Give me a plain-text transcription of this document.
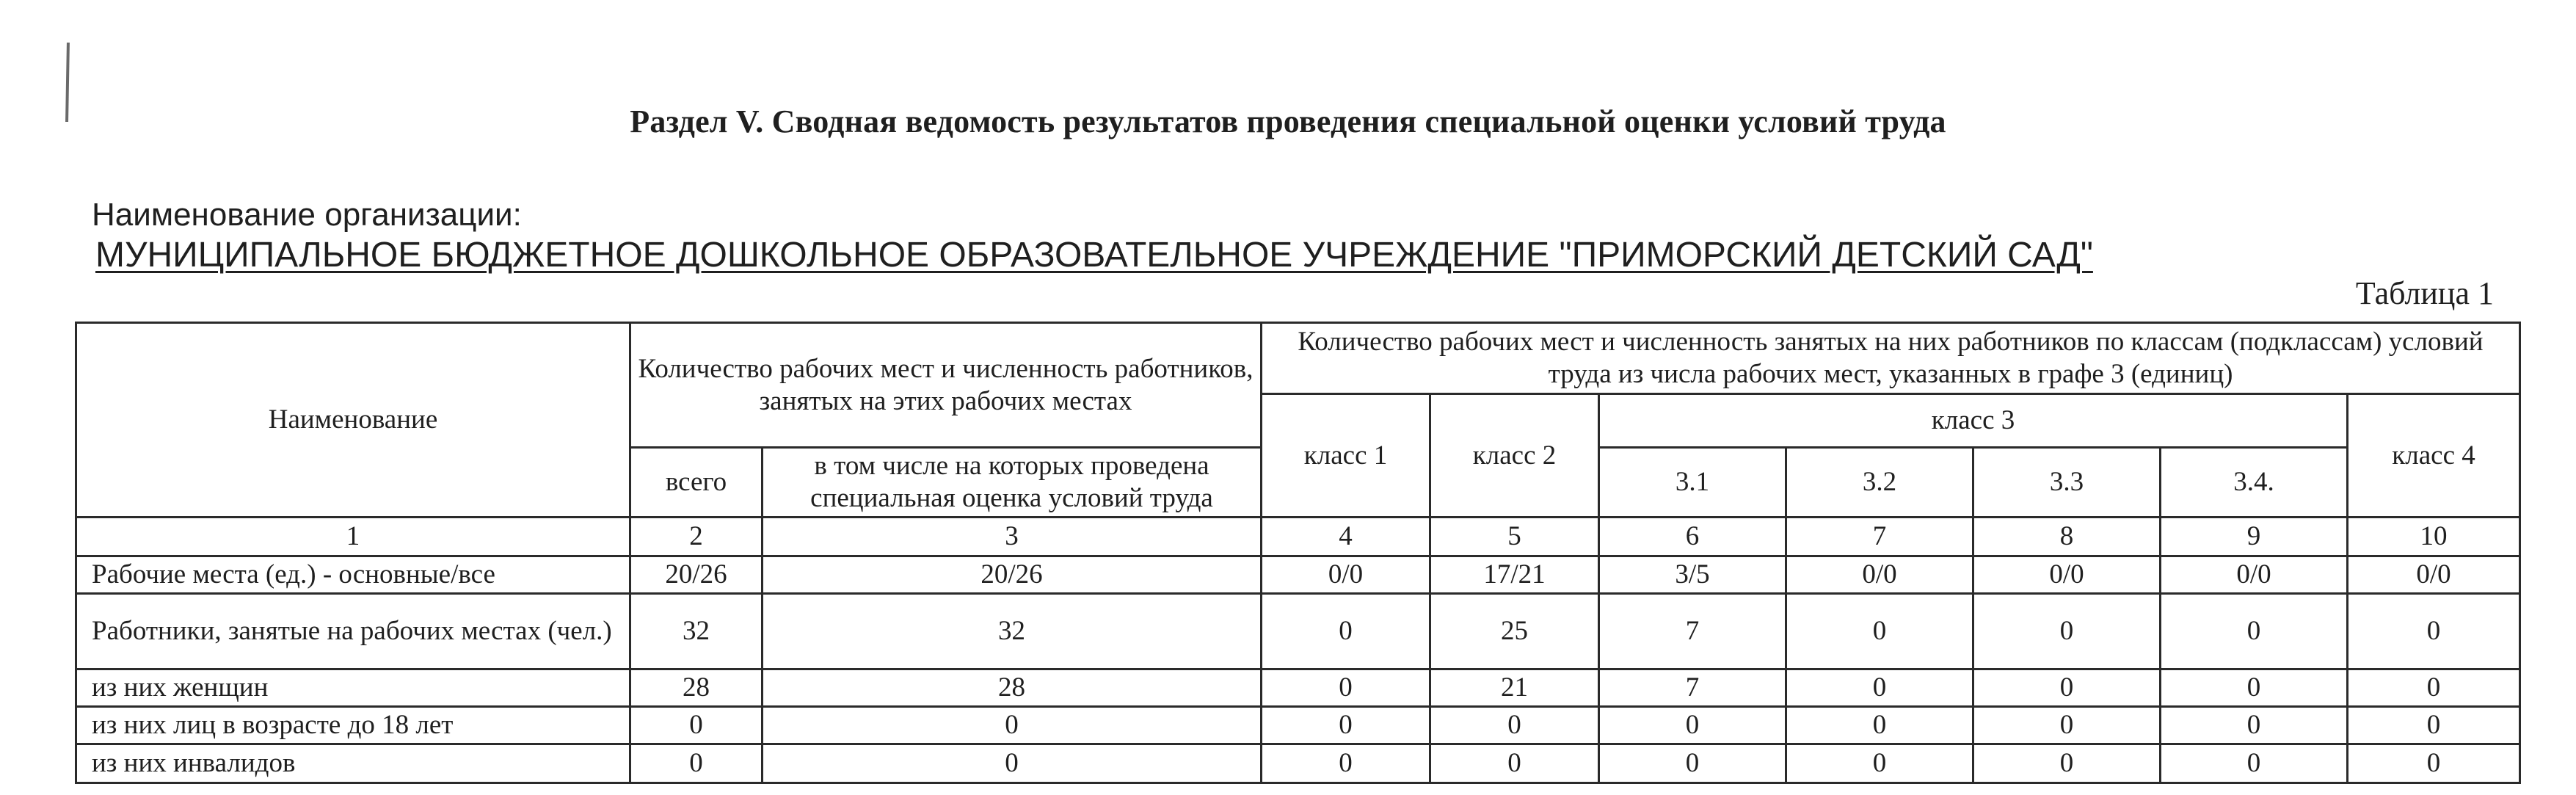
Раздел V. Сводная ведомость результатов проведения специальной оценки условий труда
Наименование организации:
МУНИЦИПАЛЬНОЕ БЮДЖЕТНОЕ ДОШКОЛЬНОЕ ОБРАЗОВАТЕЛЬНОЕ УЧРЕЖДЕНИЕ "ПРИМОРСКИЙ ДЕТСКИЙ САД"
Таблица 1
Наименование	Количество рабочих мест и численность работников, занятых на этих рабочих местах		Количество рабочих мест и численность занятых на них работников по классам (подклассам) условий труда из числа рабочих мест, указанных в графе 3 (единиц)						
			класс 1	класс 2	класс 3				класс 4
	всего	в том числе на которых проведена специальная оценка условий труда			3.1	3.2	3.3	3.4.	
1	2	3	4	5	6	7	8	9	10
Рабочие места (ед.) - основные/все	20/26	20/26	0/0	17/21	3/5	0/0	0/0	0/0	0/0
Работники, занятые на рабочих местах (чел.)	32	32	0	25	7	0	0	0	0
из них женщин	28	28	0	21	7	0	0	0	0
из них лиц в возрасте до 18 лет	0	0	0	0	0	0	0	0	0
из них инвалидов	0	0	0	0	0	0	0	0	0
